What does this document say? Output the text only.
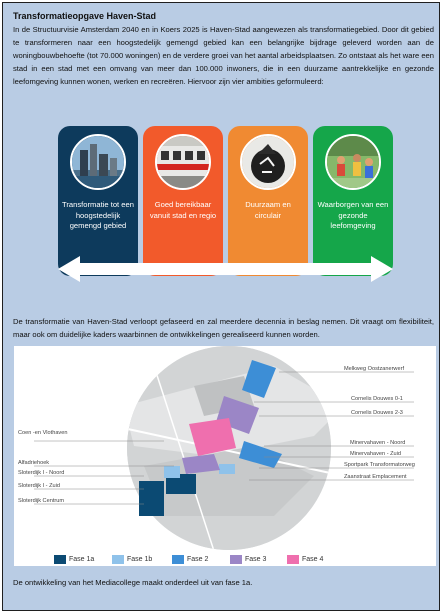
Transformatieopgave Haven-Stad

In de Structuurvisie Amsterdam 2040 en in Koers 2025 is Haven-Stad aangewezen als transformatiegebied. Door dit gebied te transformeren naar een hoogstedelijk gemengd gebied kan een belangrijke bijdrage geleverd worden aan de woningbouwbehoefte (tot 70.000 woningen) en de verdere groei van het aantal arbeidsplaatsen. Zo ontstaat als het ware een stad in een stad met een omvang van meer dan 100.000 inwoners, die in een duurzame aantrekkelijke en gezonde leefomgeving kunnen wonen, werken en recreëren. Hiervoor zijn vier ambities geformuleerd:

Transformatie tot een hoogstedelijk gemengd gebied
Goed bereikbaar vanuit stad en regio
Duurzaam en circulair
Waarborgen van een gezonde leefomgeving

De transformatie van Haven-Stad verloopt gefaseerd en zal meerdere decennia in beslag nemen. Dit vraagt om flexibiliteit, maar ook om duidelijke kaders waarbinnen de ontwikkelingen gerealiseerd kunnen worden.

Coen -en Vlothaven
Alfadriehoek
Sloterdijk I - Noord
Sloterdijk I - Zuid
Sloterdijk Centrum
Melkweg Oostzanerwerf
Cornelis Douwes 0-1
Cornelis Douwes 2-3
Minervahaven - Noord
Minervahaven - Zuid
Sportpark Transformatorweg
Zaanstraat Emplacement
Fase 1a	Fase 1b	Fase 2	Fase 3	Fase 4

De ontwikkeling van het Mediacollege maakt onderdeel uit van fase 1a.
